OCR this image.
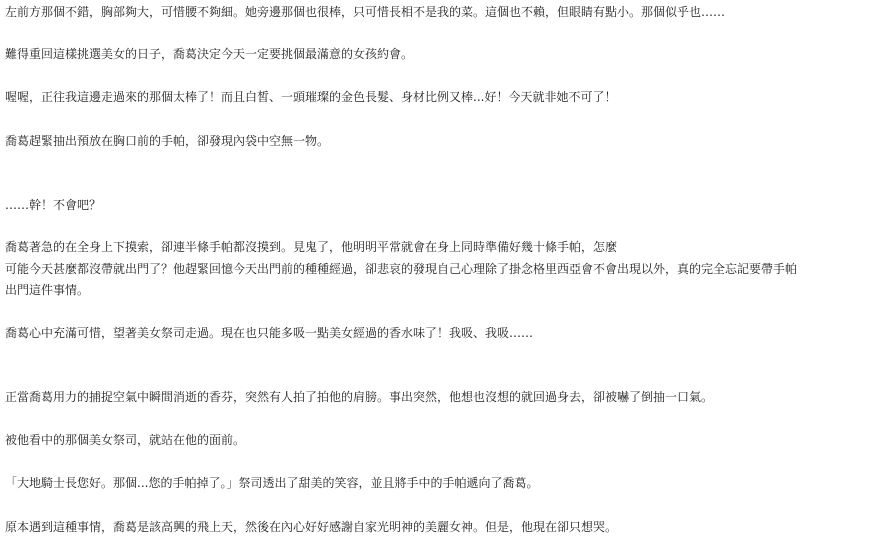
左前方那個不錯，胸部夠大，可惜腰不夠細。她旁邊那個也很棒，只可惜長相不是我的菜。這個也不賴，但眼睛有點小。那個似乎也……

難得重回這樣挑選美女的日子，喬葛決定今天一定要挑個最滿意的女孩約會。

喔喔，正往我這邊走過來的那個太棒了！而且白皙、一頭璀璨的金色長髮、身材比例又棒...好！今天就非她不可了！

喬葛趕緊抽出預放在胸口前的手帕，卻發現內袋中空無一物。

……幹！不會吧？

喬葛著急的在全身上下摸索，卻連半條手帕都沒摸到。見鬼了，他明明平常就會在身上同時準備好幾十條手帕，怎麼
可能今天甚麼都沒帶就出門了？他趕緊回憶今天出門前的種種經過，卻悲哀的發現自己心理除了掛念格里西亞會不會出現以外，真的完全忘記要帶手帕
出門這件事情。

喬葛心中充滿可惜，望著美女祭司走過。現在也只能多吸一點美女經過的香水味了！我吸、我吸……

正當喬葛用力的捕捉空氣中瞬間消逝的香芬，突然有人拍了拍他的肩膀。事出突然，他想也沒想的就回過身去，卻被嚇了倒抽一口氣。

被他看中的那個美女祭司，就站在他的面前。

「大地騎士長您好。那個...您的手帕掉了。」祭司透出了甜美的笑容，並且將手中的手帕遞向了喬葛。

原本遇到這種事情，喬葛是該高興的飛上天，然後在內心好好感謝自家光明神的美麗女神。但是，他現在卻只想哭。
